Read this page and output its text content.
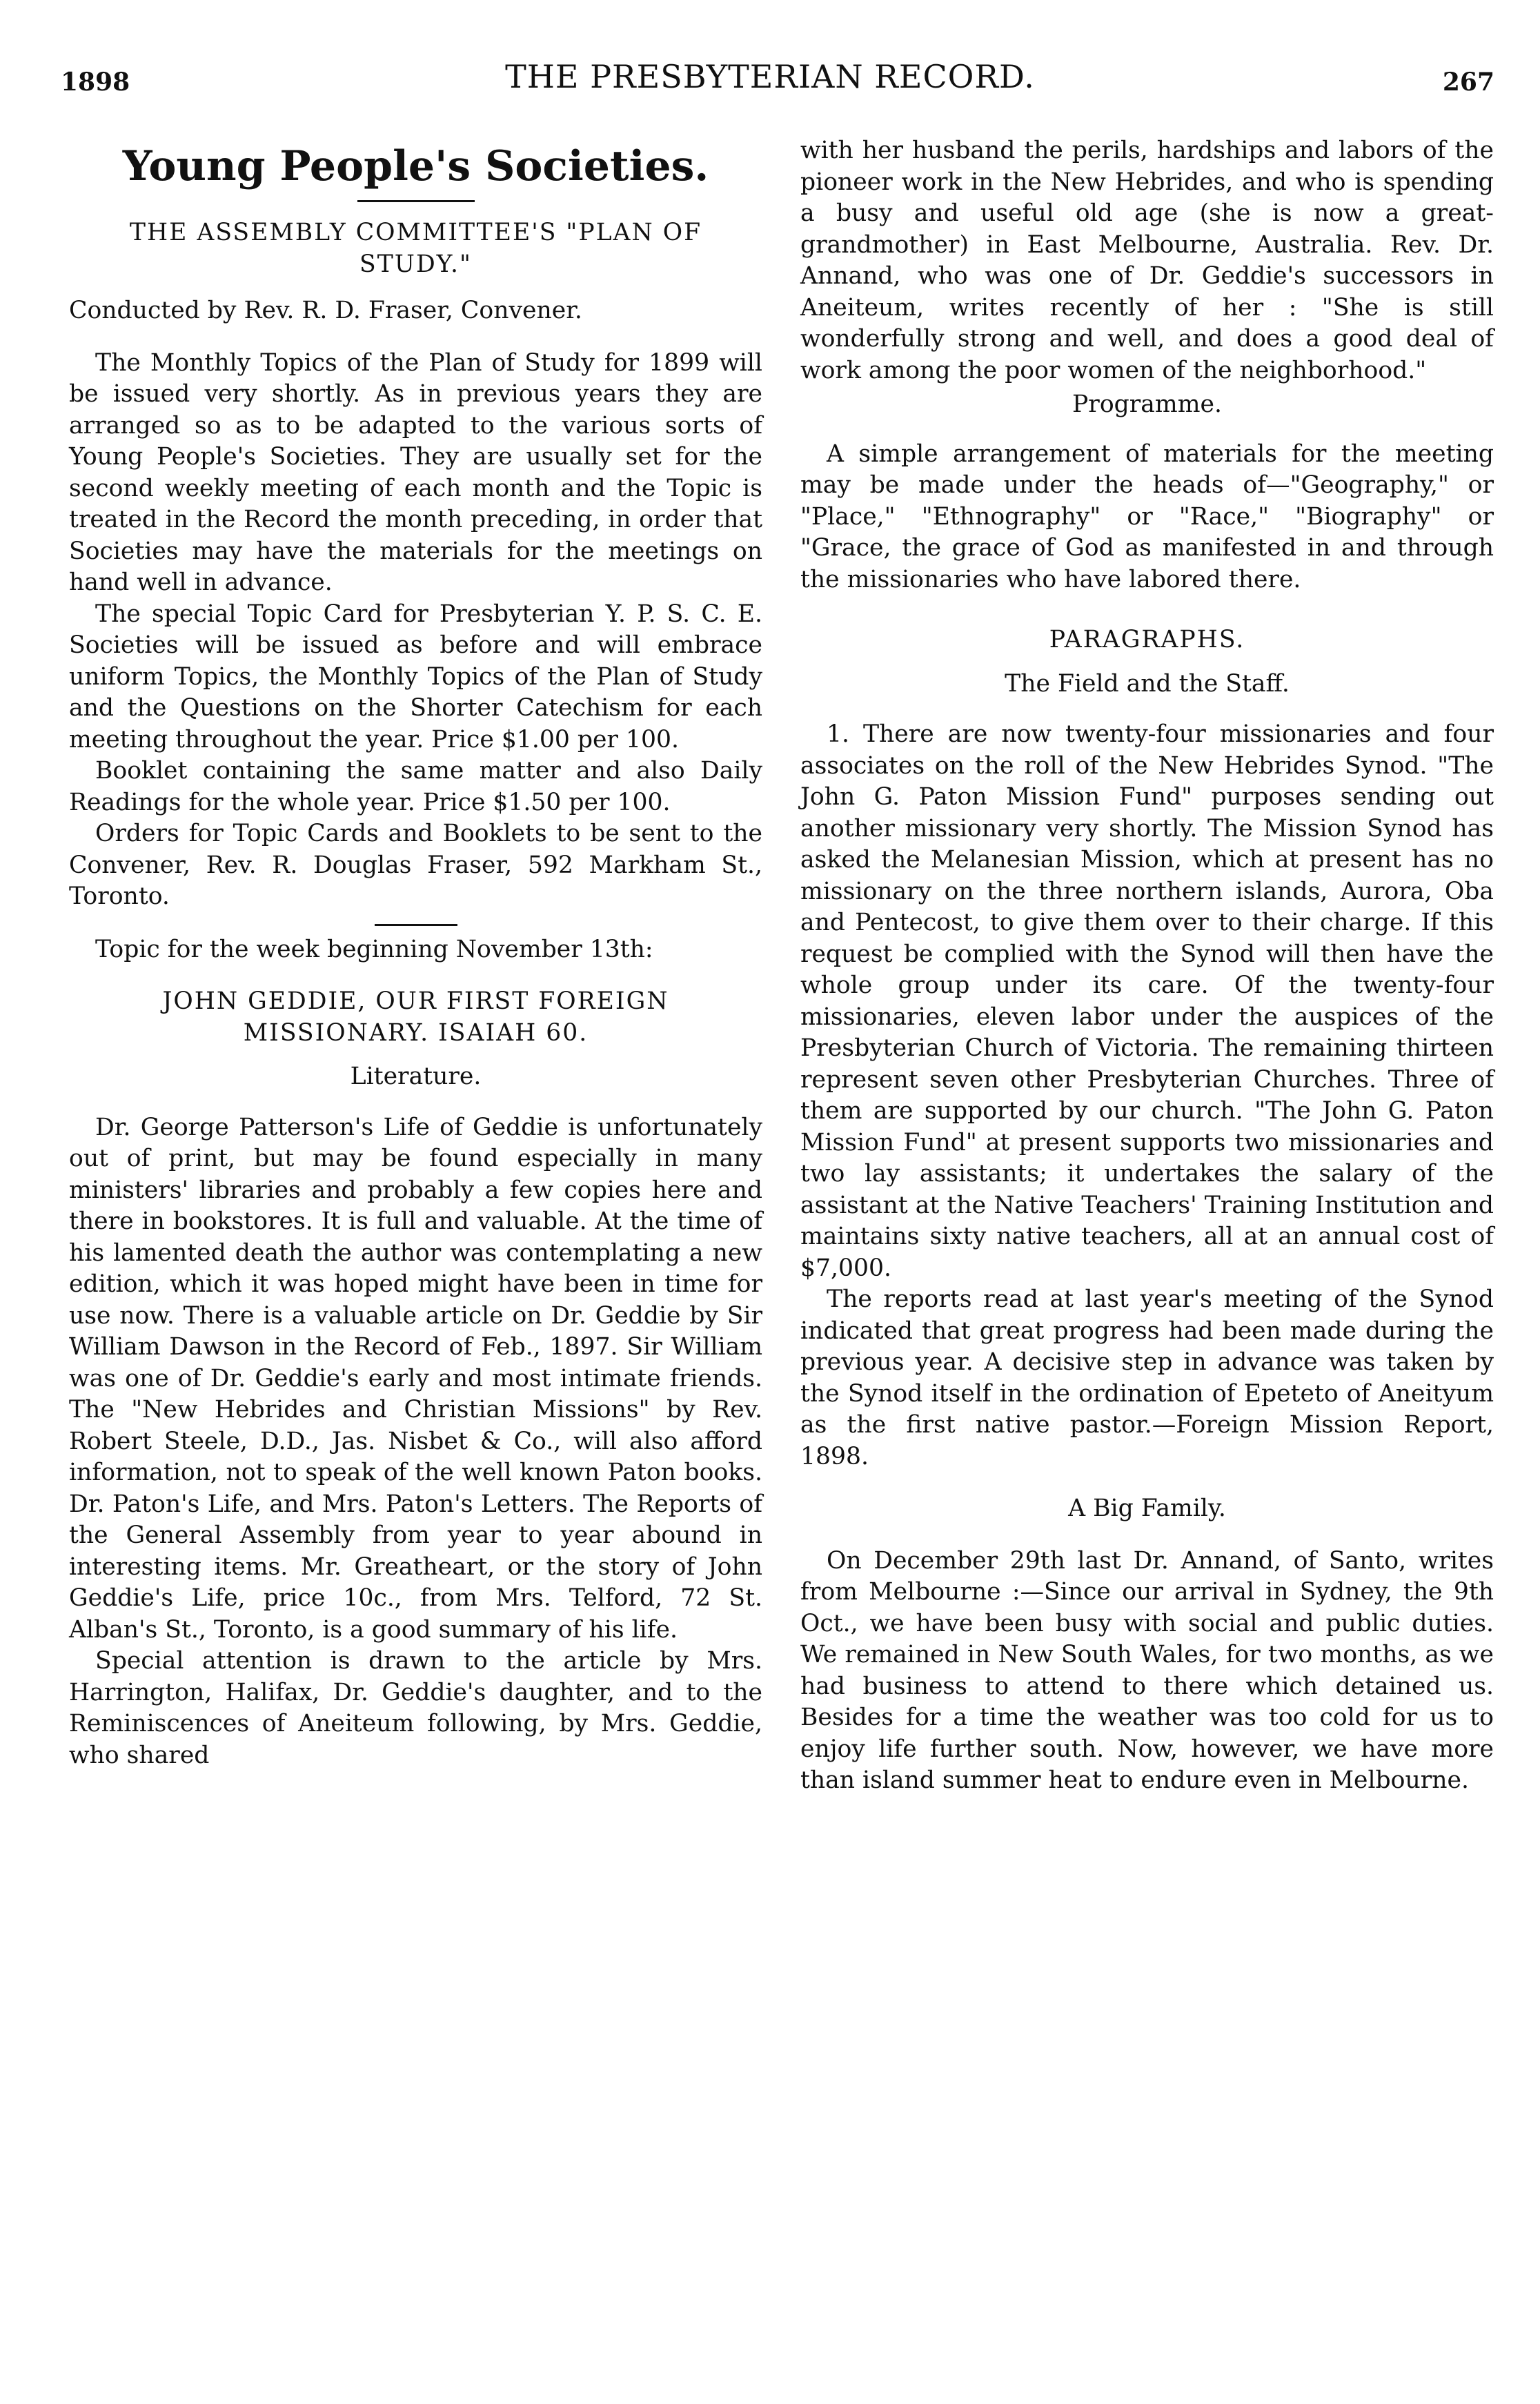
1898	THE PRESBYTERIAN RECORD.	267
Young People's Societies.
THE ASSEMBLY COMMITTEE'S "PLAN OF STUDY."

Conducted by Rev. R. D. Fraser, Convener.

The Monthly Topics of the Plan of Study for 1899 will be issued very shortly. As in previous years they are arranged so as to be adapted to the various sorts of Young People's Societies. They are usually set for the second weekly meeting of each month and the Topic is treated in the Record the month preceding, in order that Societies may have the materials for the meetings on hand well in advance.

The special Topic Card for Presbyterian Y. P. S. C. E. Societies will be issued as before and will embrace uniform Topics, the Monthly Topics of the Plan of Study and the Questions on the Shorter Catechism for each meeting throughout the year. Price $1.00 per 100.

Booklet containing the same matter and also Daily Readings for the whole year. Price $1.50 per 100.

Orders for Topic Cards and Booklets to be sent to the Convener, Rev. R. Douglas Fraser, 592 Markham St., Toronto.

Topic for the week beginning November 13th:

JOHN GEDDIE, OUR FIRST FOREIGN MISSIONARY. ISAIAH 60.
Literature.

Dr. George Patterson's Life of Geddie is unfortunately out of print, but may be found especially in many ministers' libraries and probably a few copies here and there in bookstores. It is full and valuable. At the time of his lamented death the author was contemplating a new edition, which it was hoped might have been in time for use now. There is a valuable article on Dr. Geddie by Sir William Dawson in the Record of Feb., 1897. Sir William was one of Dr. Geddie's early and most intimate friends. The "New Hebrides and Christian Missions" by Rev. Robert Steele, D.D., Jas. Nisbet & Co., will also afford information, not to speak of the well known Paton books. Dr. Paton's Life, and Mrs. Paton's Letters. The Reports of the General Assembly from year to year abound in interesting items. Mr. Greatheart, or the story of John Geddie's Life, price 10c., from Mrs. Telford, 72 St. Alban's St., Toronto, is a good summary of his life.

Special attention is drawn to the article by Mrs. Harrington, Halifax, Dr. Geddie's daughter, and to the Reminiscences of Aneiteum following, by Mrs. Geddie, who shared

with her husband the perils, hardships and labors of the pioneer work in the New Hebrides, and who is spending a busy and useful old age (she is now a great-grandmother) in East Melbourne, Australia. Rev. Dr. Annand, who was one of Dr. Geddie's successors in Aneiteum, writes recently of her : "She is still wonderfully strong and well, and does a good deal of work among the poor women of the neighborhood."

Programme.

A simple arrangement of materials for the meeting may be made under the heads of—"Geography," or "Place," "Ethnography" or "Race," "Biography" or "Grace, the grace of God as manifested in and through the missionaries who have labored there.

PARAGRAPHS.
The Field and the Staff.

1. There are now twenty-four missionaries and four associates on the roll of the New Hebrides Synod. "The John G. Paton Mission Fund" purposes sending out another missionary very shortly. The Mission Synod has asked the Melanesian Mission, which at present has no missionary on the three northern islands, Aurora, Oba and Pentecost, to give them over to their charge. If this request be complied with the Synod will then have the whole group under its care. Of the twenty-four missionaries, eleven labor under the auspices of the Presbyterian Church of Victoria. The remaining thirteen represent seven other Presbyterian Churches. Three of them are supported by our church. "The John G. Paton Mission Fund" at present supports two missionaries and two lay assistants; it undertakes the salary of the assistant at the Native Teachers' Training Institution and maintains sixty native teachers, all at an annual cost of $7,000.

The reports read at last year's meeting of the Synod indicated that great progress had been made during the previous year. A decisive step in advance was taken by the Synod itself in the ordination of Epeteto of Aneityum as the first native pastor.—Foreign Mission Report, 1898.

A Big Family.

On December 29th last Dr. Annand, of Santo, writes from Melbourne :—Since our arrival in Sydney, the 9th Oct., we have been busy with social and public duties. We remained in New South Wales, for two months, as we had business to attend to there which detained us. Besides for a time the weather was too cold for us to enjoy life further south. Now, however, we have more than island summer heat to endure even in Melbourne.
